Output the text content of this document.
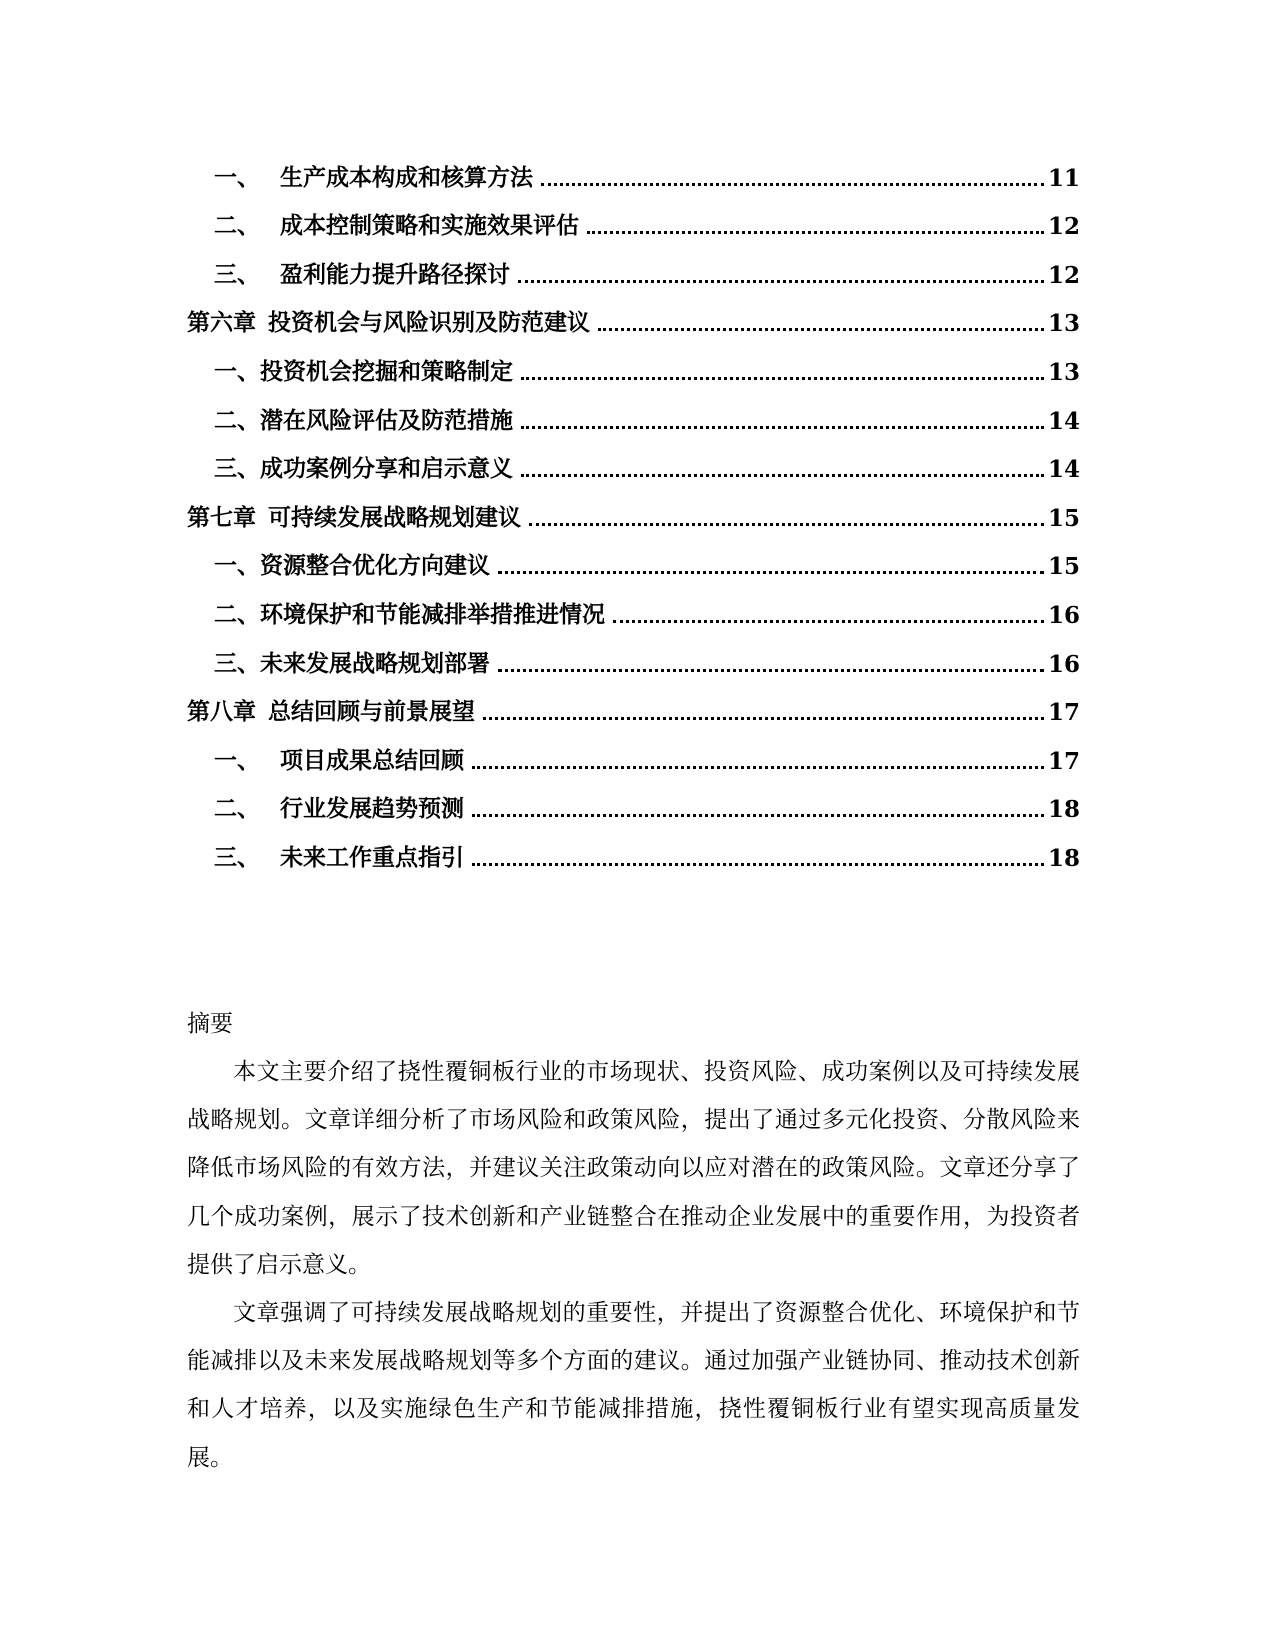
一、 生产成本构成和核算方法	11
二、 成本控制策略和实施效果评估	12
三、 盈利能力提升路径探讨	12
第六章 投资机会与风险识别及防范建议	13
一、 投资机会挖掘和策略制定	13
二、 潜在风险评估及防范措施	14
三、 成功案例分享和启示意义	14
第七章 可持续发展战略规划建议	15
一、 资源整合优化方向建议	15
二、 环境保护和节能减排举措推进情况	16
三、 未来发展战略规划部署	16
第八章 总结回顾与前景展望	17
一、 项目成果总结回顾	17
二、 行业发展趋势预测	18
三、 未来工作重点指引	18

摘要

本文主要介绍了挠性覆铜板行业的市场现状、投资风险、成功案例以及可持续发展战略规划。文章详细分析了市场风险和政策风险，提出了通过多元化投资、分散风险来降低市场风险的有效方法，并建议关注政策动向以应对潜在的政策风险。文章还分享了几个成功案例，展示了技术创新和产业链整合在推动企业发展中的重要作用，为投资者提供了启示意义。

文章强调了可持续发展战略规划的重要性，并提出了资源整合优化、环境保护和节能减排以及未来发展战略规划等多个方面的建议。通过加强产业链协同、推动技术创新和人才培养，以及实施绿色生产和节能减排措施，挠性覆铜板行业有望实现高质量发展。
